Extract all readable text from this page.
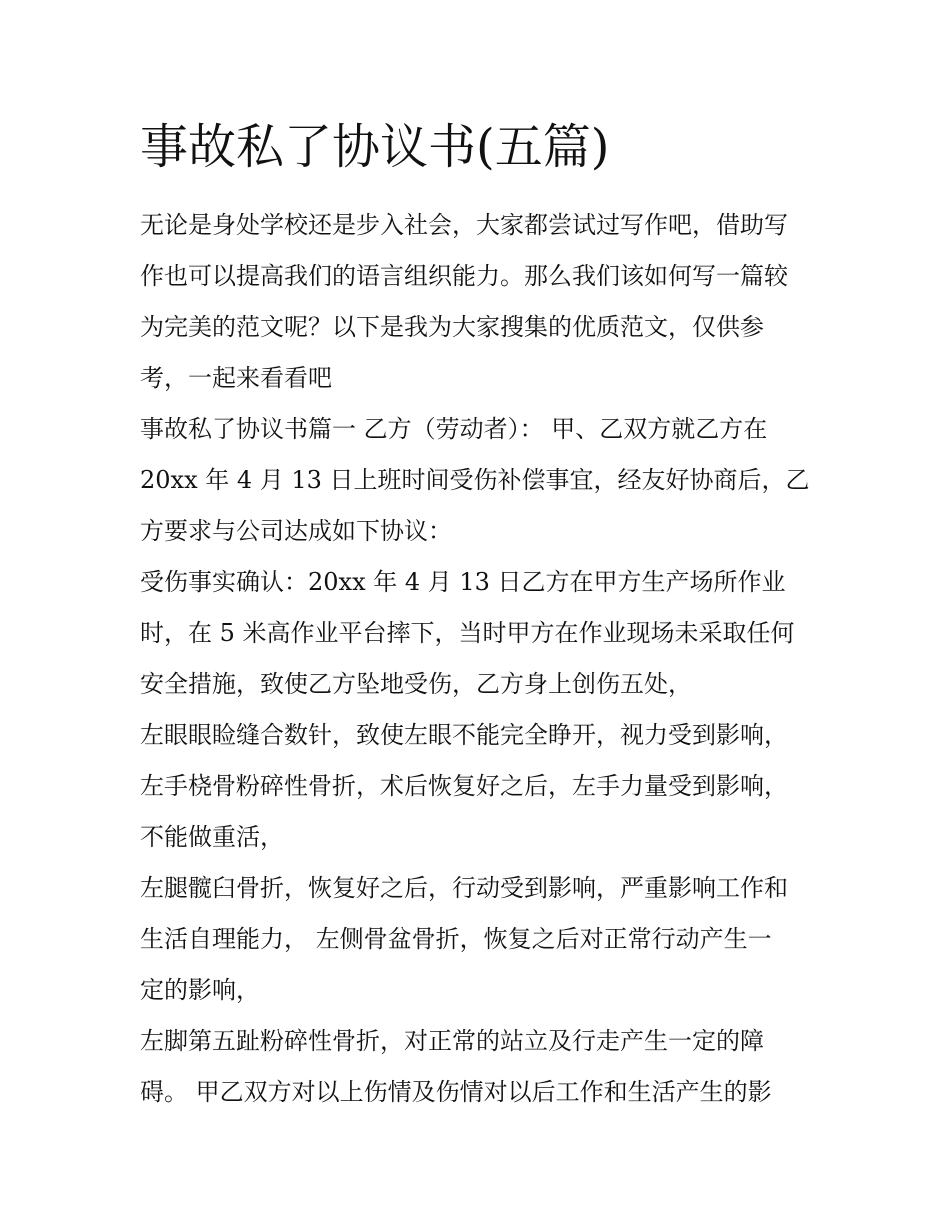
事故私了协议书(五篇)
无论是身处学校还是步入社会，大家都尝试过写作吧，借助写
作也可以提高我们的语言组织能力。那么我们该如何写一篇较
为完美的范文呢？以下是我为大家搜集的优质范文，仅供参
考，一起来看看吧
事故私了协议书篇一 乙方（劳动者）： 甲、乙双方就乙方在
20xx 年 4 月 13 日上班时间受伤补偿事宜，经友好协商后，乙
方要求与公司达成如下协议：
受伤事实确认：20xx 年 4 月 13 日乙方在甲方生产场所作业
时，在 5 米高作业平台摔下，当时甲方在作业现场未采取任何
安全措施，致使乙方坠地受伤，乙方身上创伤五处，
左眼眼睑缝合数针，致使左眼不能完全睁开，视力受到影响，
左手桡骨粉碎性骨折，术后恢复好之后，左手力量受到影响，
不能做重活，
左腿髋臼骨折，恢复好之后，行动受到影响，严重影响工作和
生活自理能力， 左侧骨盆骨折，恢复之后对正常行动产生一
定的影响，
左脚第五趾粉碎性骨折，对正常的站立及行走产生一定的障
碍。 甲乙双方对以上伤情及伤情对以后工作和生活产生的影
